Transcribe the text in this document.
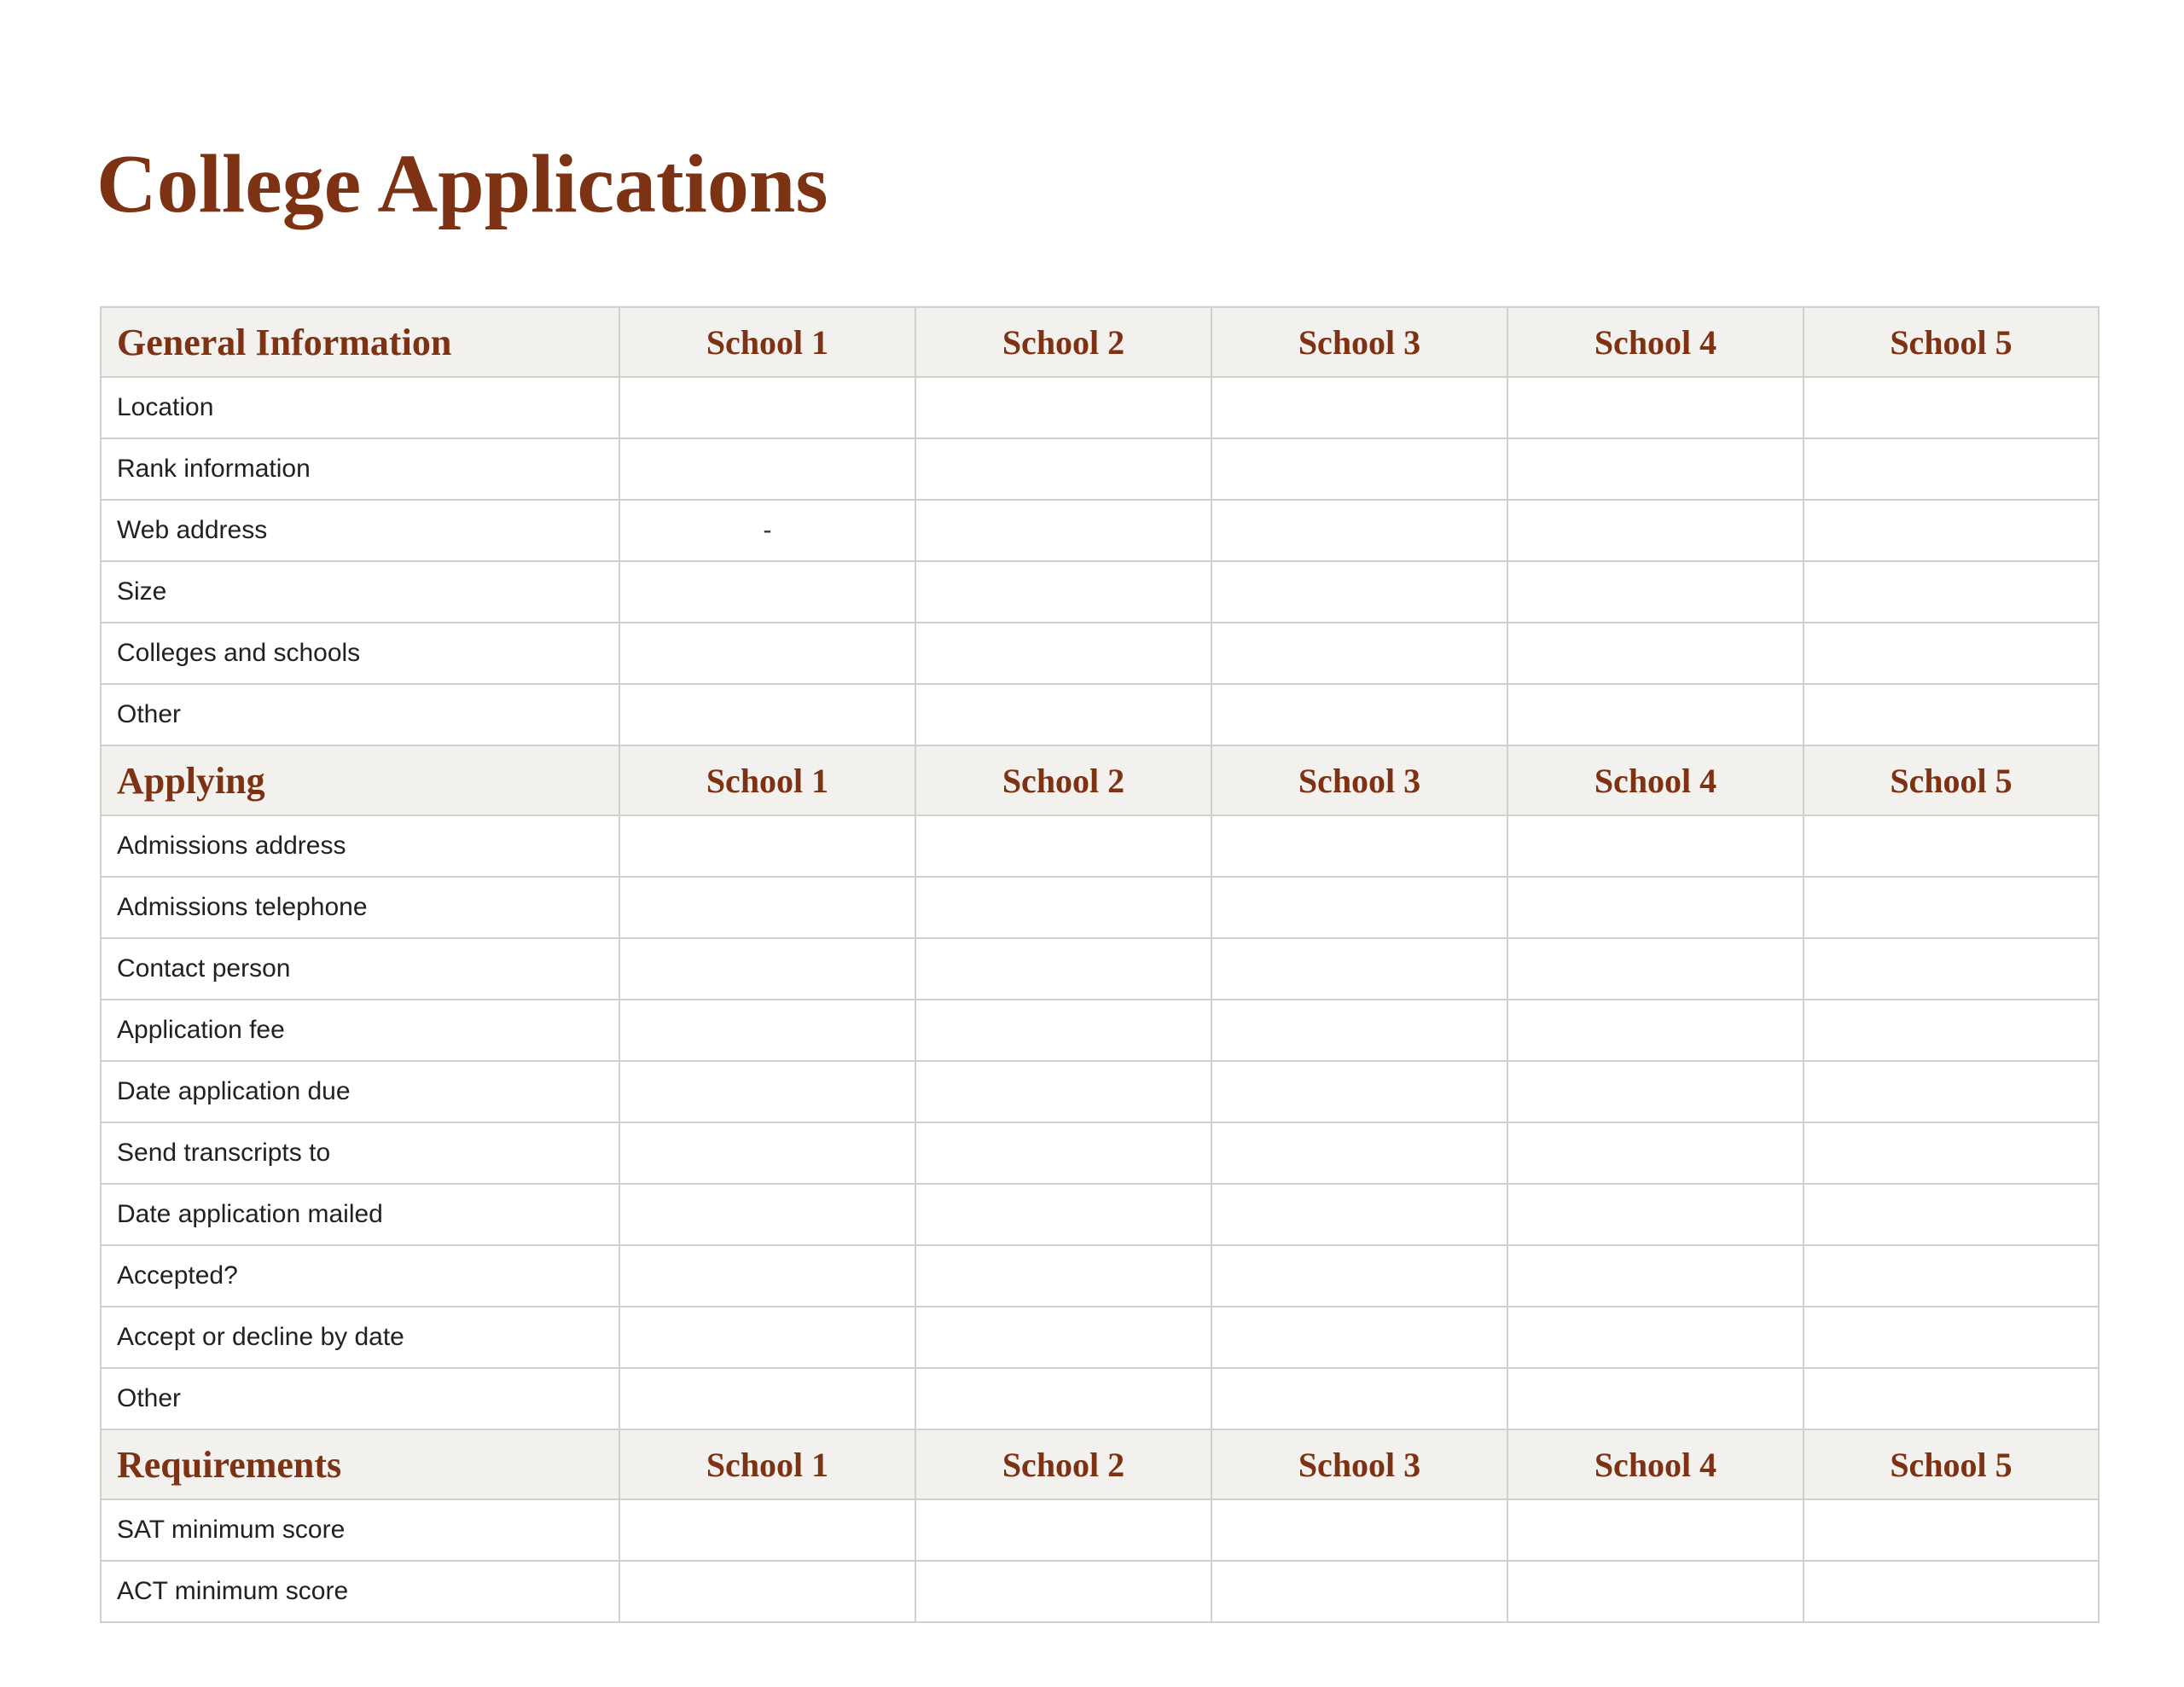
College Applications
General Information	School 1	School 2	School 3	School 4	School 5
Location					
Rank information					
Web address	-				
Size					
Colleges and schools					
Other					
Applying	School 1	School 2	School 3	School 4	School 5
Admissions address					
Admissions telephone					
Contact person					
Application fee					
Date application due					
Send transcripts to					
Date application mailed					
Accepted?					
Accept or decline by date					
Other					
Requirements	School 1	School 2	School 3	School 4	School 5
SAT minimum score					
ACT minimum score					
